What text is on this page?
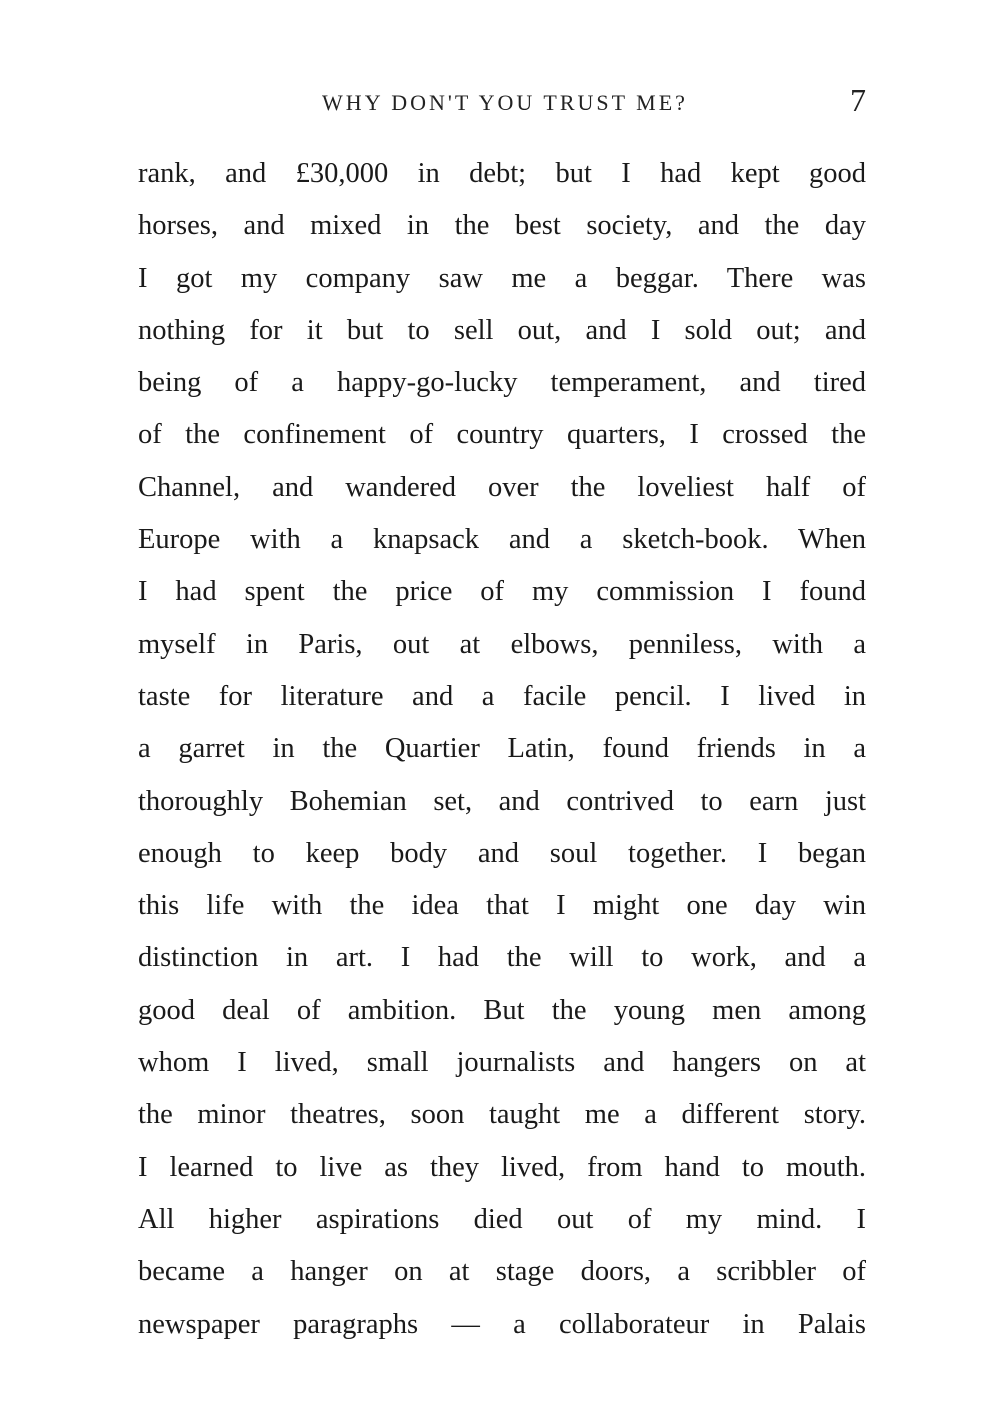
WHY DON'T YOU TRUST ME?	7
rank, and £30,000 in debt; but I had kept good
horses, and mixed in the best society, and the day
I got my company saw me a beggar. There was
nothing for it but to sell out, and I sold out; and
being of a happy-go-lucky temperament, and tired
of the confinement of country quarters, I crossed the
Channel, and wandered over the loveliest half of
Europe with a knapsack and a sketch-book. When
I had spent the price of my commission I found
myself in Paris, out at elbows, penniless, with a
taste for literature and a facile pencil. I lived in
a garret in the Quartier Latin, found friends in a
thoroughly Bohemian set, and contrived to earn just
enough to keep body and soul together. I began
this life with the idea that I might one day win
distinction in art. I had the will to work, and a
good deal of ambition. But the young men among
whom I lived, small journalists and hangers on at
the minor theatres, soon taught me a different story.
I learned to live as they lived, from hand to mouth.
All higher aspirations died out of my mind. I
became a hanger on at stage doors, a scribbler of
newspaper paragraphs — a collaborateur in Palais
